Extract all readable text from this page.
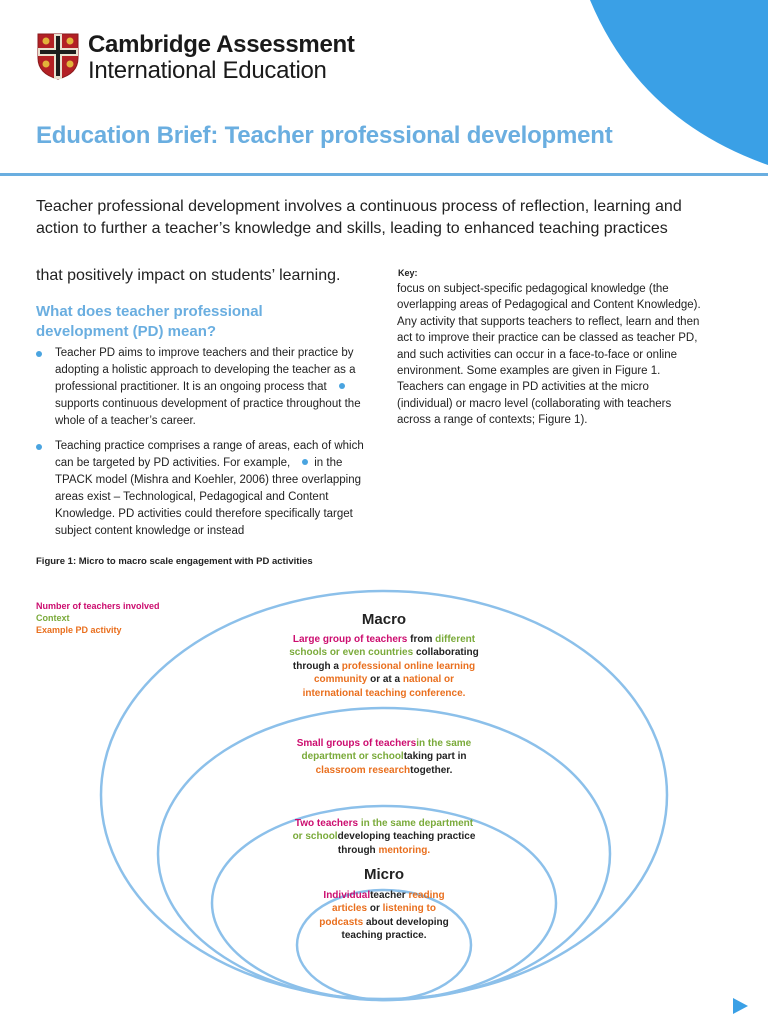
Cambridge Assessment
International Education
Education Brief: Teacher professional development
Teacher professional development involves a continuous process of reflection, learning and action to further a teacher’s knowledge and skills, leading to enhanced teaching practices
that positively impact on students’ learning.
What does teacher professional development (PD) mean?
Teacher PD aims to improve teachers and their practice by adopting a holistic approach to developing the teacher as a professional practitioner. It is an ongoing process thatsupports continuous development of practice throughout the whole of a teacher’s career.
Teaching practice comprises a range of areas, each of which can be targeted by PD activities. For example, in the TPACK model (Mishra and Koehler, 2006) three overlapping areas exist – Technological, Pedagogical and Content Knowledge. PD activities could therefore specifically target subject content knowledge or instead
Key:
focus on subject-specific pedagogical knowledge (the overlapping areas of Pedagogical and Content Knowledge). Any activity that supports teachers to reflect, learn and then act to improve their practice can be classed as teacher PD, and such activities can occur in a face-to-face or online environment. Some examples are given in Figure 1. Teachers can engage in PD activities at the micro (individual) or macro level (collaborating with teachers across a range of contexts; Figure 1).
Figure 1: Micro to macro scale engagement with PD activities
Number of teachers involved
Context
Example PD activity
Macro
Large group of teachers from different schools or even countries collaborating through a professional online learning community or at a national or international teaching conference.
Small groups of teachersin the same department or schooltaking part in classroom researchtogether.
Two teachers in the same department or schooldeveloping teaching practice through mentoring.
Micro
Individualteacher reading articles or listening to podcasts about developing teaching practice.
